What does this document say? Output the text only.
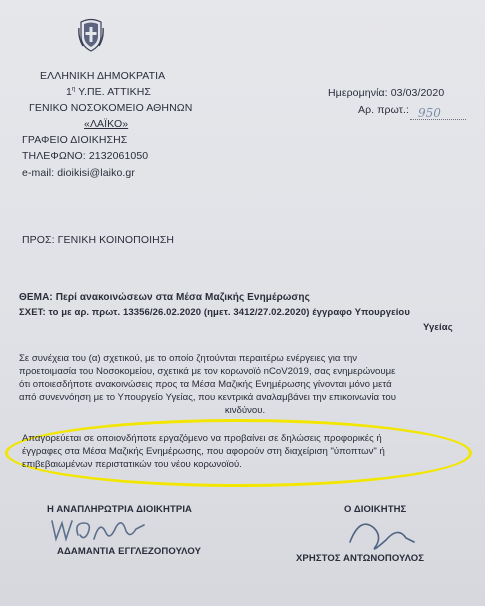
ΕΛΛΗΝΙΚΗ ΔΗΜΟΚΡΑΤΙΑ
$1^\eta$ Υ.ΠΕ. ΑΤΤΙΚΗΣ
ΓΕΝΙΚΟ ΝΟΣΟΚΟΜΕΙΟ ΑΘΗΝΩΝ
«ΛΑΪΚΟ»
ΓΡΑΦΕΙΟ ΔΙΟΙΚΗΣΗΣ
ΤΗΛΕΦΩΝΟ: 2132061050
e-mail: dioikisi@laiko.gr
Ημερομηνία: 03/03/2020
Αρ. πρωτ.: 950
ΠΡΟΣ: ΓΕΝΙΚΗ ΚΟΙΝΟΠΟΙΗΣΗ
ΘΕΜΑ: Περί ανακοινώσεων στα Μέσα Μαζικής Ενημέρωσης
ΣΧΕΤ: το με αρ. πρωτ. 13356/26.02.2020 (ημετ. 3412/27.02.2020) έγγραφο Υπουργείου
Υγείας
Σε συνέχεια του (α) σχετικού, με το οποίο ζητούνται περαιτέρω ενέργειες για την
προετοιμασία του Νοσοκομείου, σχετικά με τον κορωνοϊό nCoV2019, σας ενημερώνουμε
ότι οποιεσδήποτε ανακοινώσεις προς τα Μέσα Μαζικής Ενημέρωσης γίνονται μόνο μετά
από συνεννόηση με το Υπουργείο Υγείας, που κεντρικά αναλαμβάνει την επικοινωνία του
κινδύνου.
Απαγορεύεται σε οποιονδήποτε εργαζόμενο να προβαίνει σε δηλώσεις προφορικές ή
έγγραφες στα Μέσα Μαζικής Ενημέρωσης, που αφορούν στη διαχείριση "ύποπτων" ή
επιβεβαιωμένων περιστατικών του νέου κορωνοϊού.
Η ΑΝΑΠΛΗΡΩΤΡΙΑ ΔΙΟΙΚΗΤΡΙΑ
ΑΔΑΜΑΝΤΙΑ ΕΓΓΛΕΖΟΠΟΥΛΟΥ
Ο ΔΙΟΙΚΗΤΗΣ
ΧΡΗΣΤΟΣ ΑΝΤΩΝΟΠΟΥΛΟΣ
